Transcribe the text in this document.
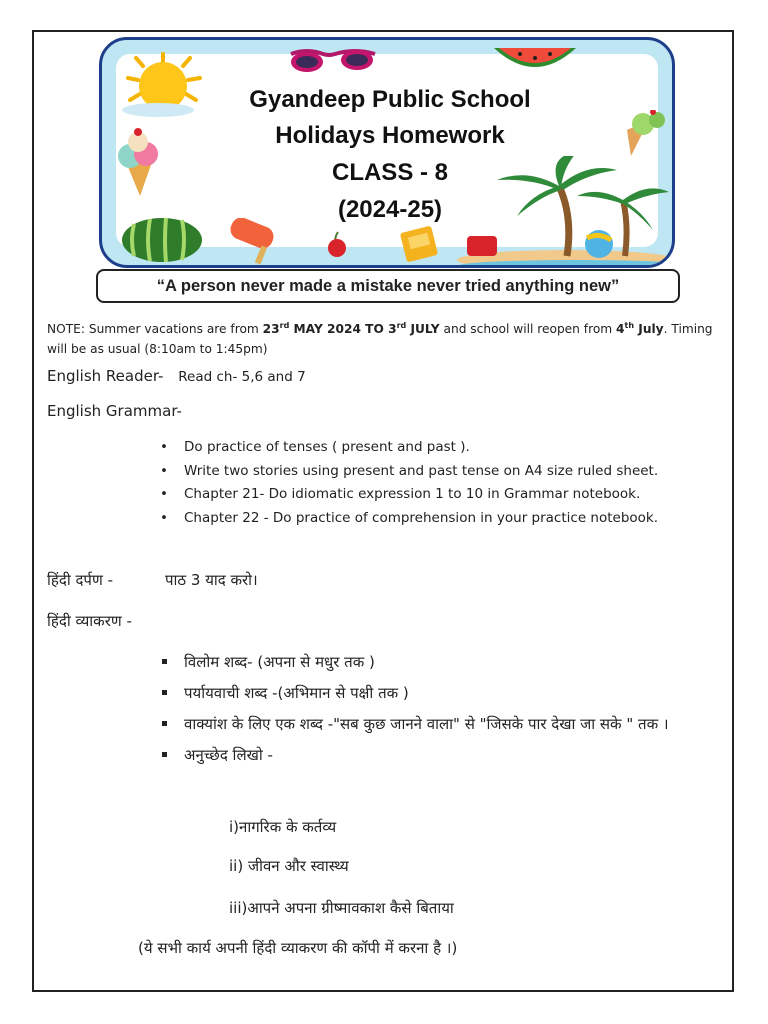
Gyandeep Public School
Holidays Homework
CLASS - 8
(2024-25)
“A person never made a mistake never tried anything new”
NOTE: Summer vacations are from 23rd MAY 2024 TO 3rd JULY and school will reopen from 4th July. Timing will be as usual (8:10am to 1:45pm)
English Reader- Read ch- 5,6 and 7
English Grammar-
• Do practice of tenses ( present and past ).
• Write two stories using present and past tense on A4 size ruled sheet.
• Chapter 21- Do idiomatic expression 1 to 10 in Grammar notebook.
• Chapter 22 - Do practice of comprehension in your practice notebook.
हिंदी दर्पण -	पाठ 3 याद करो।
हिंदी व्याकरण -
विलोम शब्द- (अपना से मधुर तक )
पर्यायवाची शब्द -(अभिमान से पक्षी तक )
वाक्यांश के लिए एक शब्द -"सब कुछ जानने वाला" से "जिसके पार देखा जा सके " तक ।
अनुच्छेद लिखो -
i)नागरिक के कर्तव्य
ii) जीवन और स्वास्थ्य
iii)आपने अपना ग्रीष्मावकाश कैसे बिताया
(ये सभी कार्य अपनी हिंदी व्याकरण की कॉपी में करना है ।)
